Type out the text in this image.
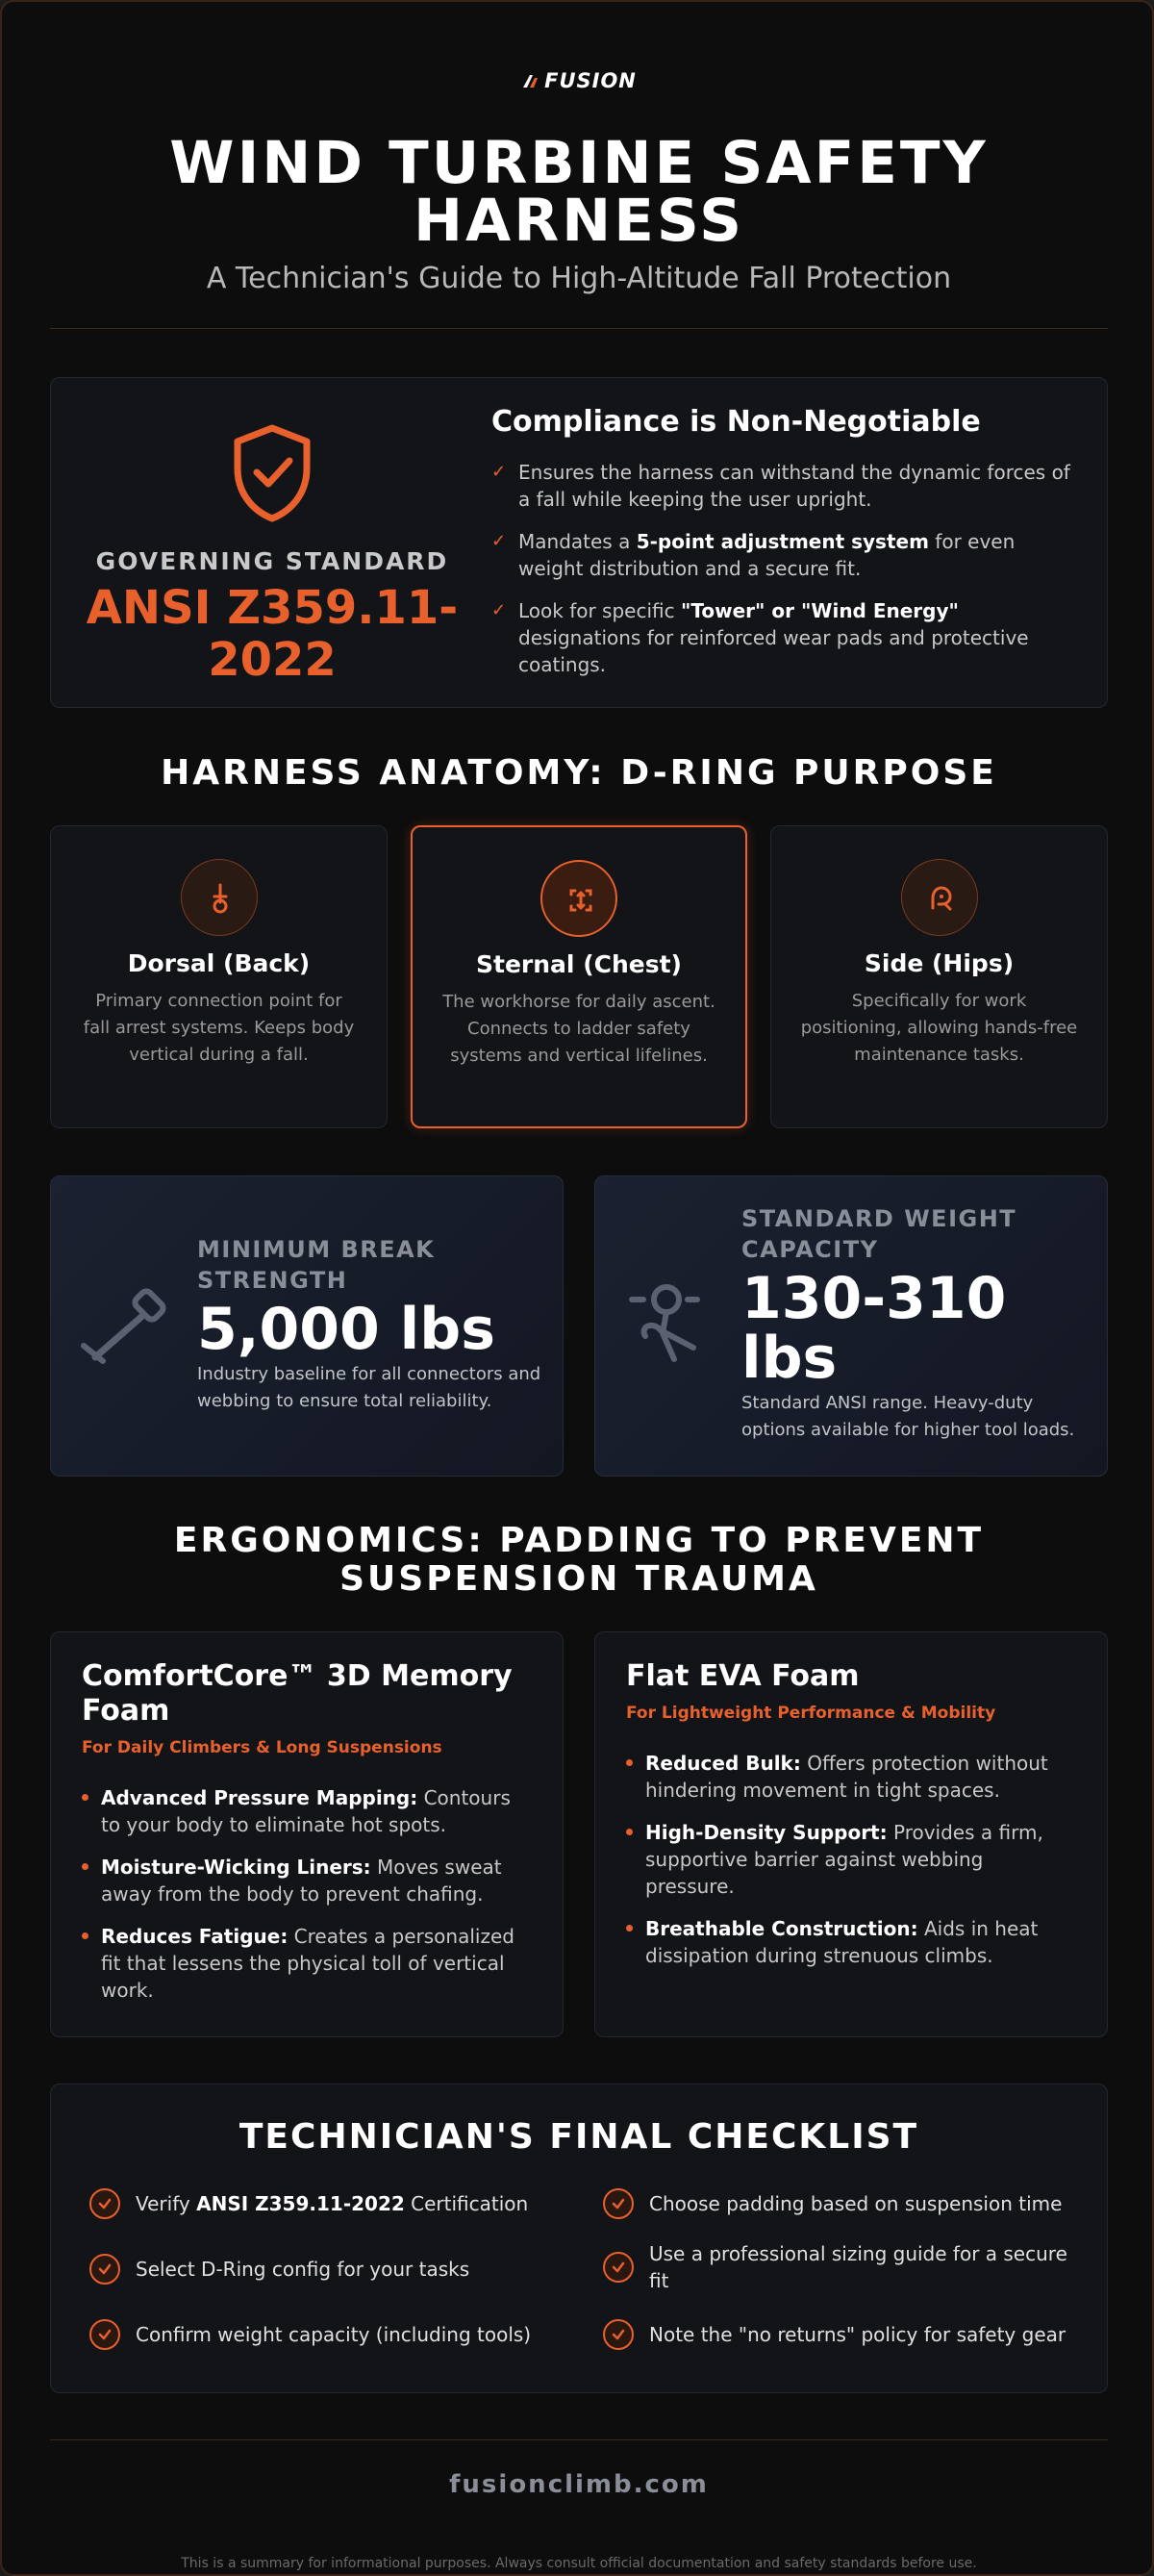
FUSION
WIND TURBINE SAFETY HARNESS
A Technician's Guide to High-Altitude Fall Protection
GOVERNING STANDARD
ANSI Z359.11-2022
Compliance is Non-Negotiable
✓ Ensures the harness can withstand the dynamic forces of a fall while keeping the user upright.
✓ Mandates a 5-point adjustment system for even weight distribution and a secure fit.
✓ Look for specific "Tower" or "Wind Energy" designations for reinforced wear pads and protective coatings.
HARNESS ANATOMY: D-RING PURPOSE
Dorsal (Back)
Primary connection point for fall arrest systems. Keeps body vertical during a fall.
Sternal (Chest)
The workhorse for daily ascent. Connects to ladder safety systems and vertical lifelines.
Side (Hips)
Specifically for work positioning, allowing hands-free maintenance tasks.
MINIMUM BREAK STRENGTH
5,000 lbs
Industry baseline for all connectors and webbing to ensure total reliability.
STANDARD WEIGHT CAPACITY
130-310 lbs
Standard ANSI range. Heavy-duty options available for higher tool loads.
ERGONOMICS: PADDING TO PREVENT SUSPENSION TRAUMA
ComfortCore™ 3D Memory Foam
For Daily Climbers & Long Suspensions
Advanced Pressure Mapping: Contours to your body to eliminate hot spots.
Moisture-Wicking Liners: Moves sweat away from the body to prevent chafing.
Reduces Fatigue: Creates a personalized fit that lessens the physical toll of vertical work.
Flat EVA Foam
For Lightweight Performance & Mobility
Reduced Bulk: Offers protection without hindering movement in tight spaces.
High-Density Support: Provides a firm, supportive barrier against webbing pressure.
Breathable Construction: Aids in heat dissipation during strenuous climbs.
TECHNICIAN'S FINAL CHECKLIST
Verify ANSI Z359.11-2022 Certification	Choose padding based on suspension time
Select D-Ring config for your tasks
Use a professional sizing guide for a secure fit
Confirm weight capacity (including tools)	Note the "no returns" policy for safety gear
fusionclimb.com
This is a summary for informational purposes. Always consult official documentation and safety standards before use.
